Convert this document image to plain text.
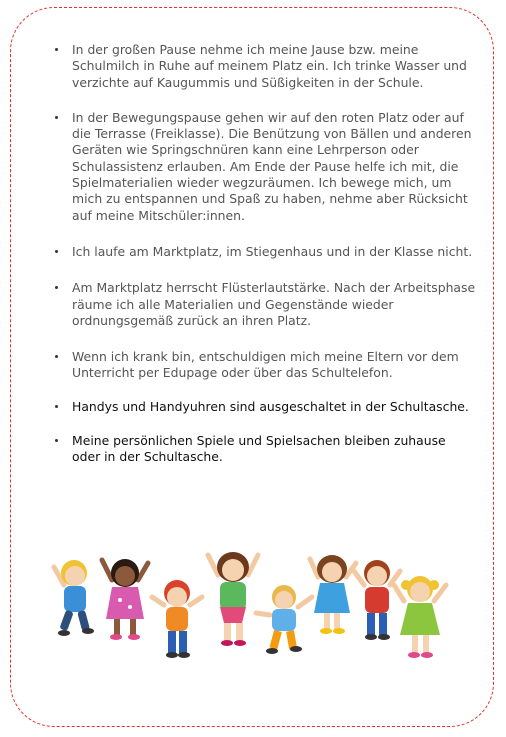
In der großen Pause nehme ich meine Jause bzw. meine Schulmilch in Ruhe auf meinem Platz ein. Ich trinke Wasser und verzichte auf Kaugummis und Süßigkeiten in der Schule.
In der Bewegungspause gehen wir auf den roten Platz oder auf die Terrasse (Freiklasse). Die Benützung von Bällen und anderen Geräten wie Springschnüren kann eine Lehrperson oder Schulassistenz erlauben. Am Ende der Pause helfe ich mit, die Spielmaterialien wieder wegzuräumen. Ich bewege mich, um mich zu entspannen und Spaß zu haben, nehme aber Rücksicht auf meine Mitschüler:innen.
Ich laufe am Marktplatz, im Stiegenhaus und in der Klasse nicht.
Am Marktplatz herrscht Flüsterlautstärke. Nach der Arbeitsphase räume ich alle Materialien und Gegenstände wieder ordnungsgemäß zurück an ihren Platz.
Wenn ich krank bin, entschuldigen mich meine Eltern vor dem Unterricht per Edupage oder über das Schultelefon.
Handys und Handyuhren sind ausgeschaltet in der Schultasche.
Meine persönlichen Spiele und Spielsachen bleiben zuhause oder in der Schultasche.
